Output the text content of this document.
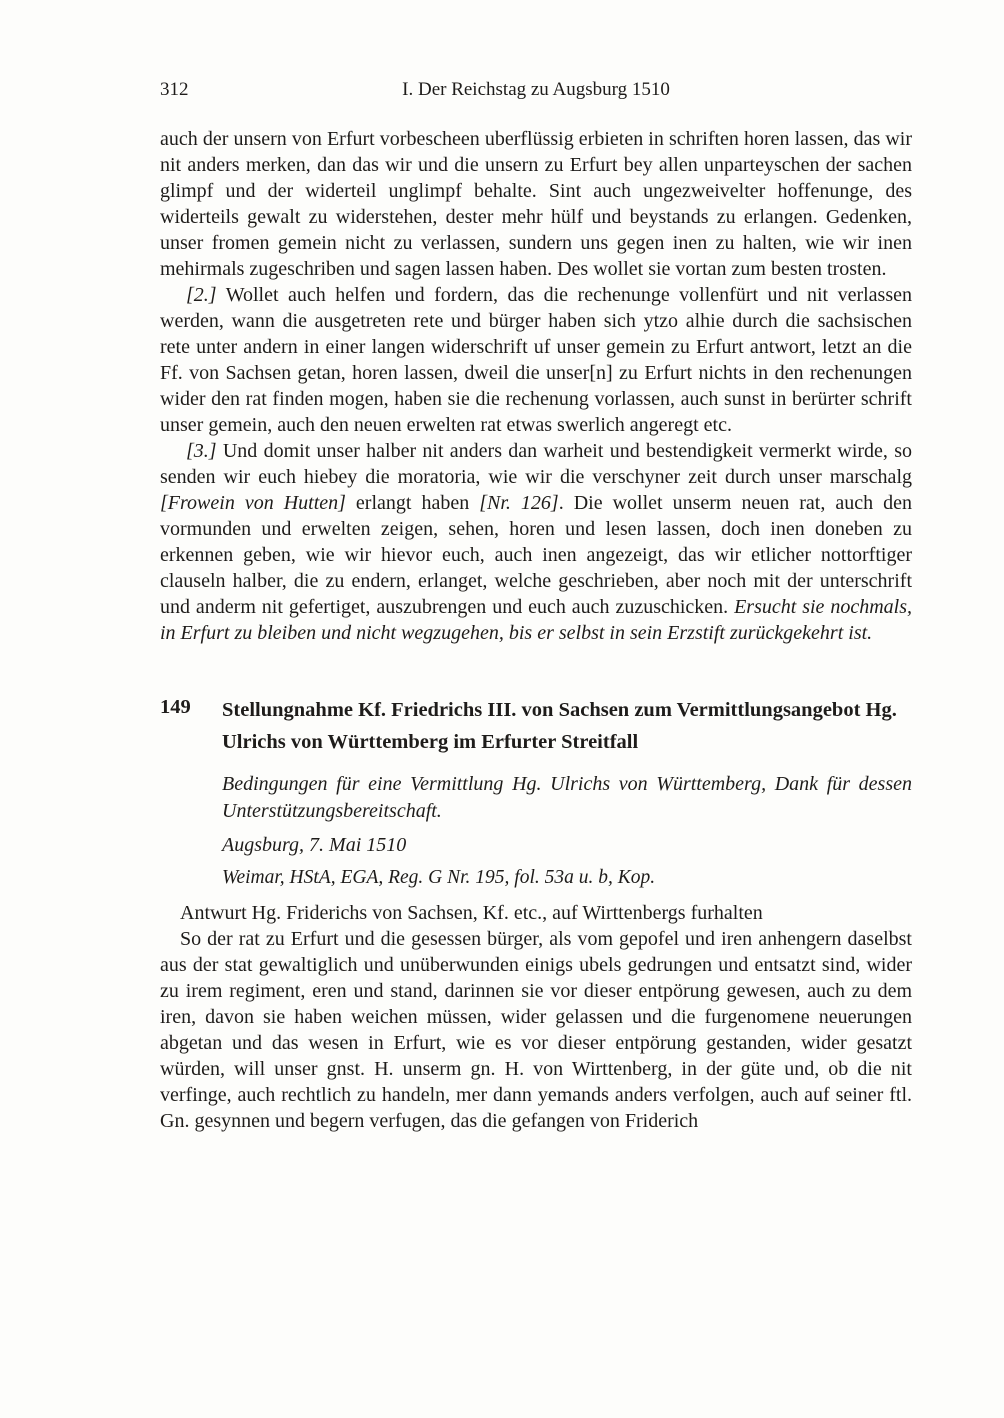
312	I. Der Reichstag zu Augsburg 1510

auch der unsern von Erfurt vorbescheen uberflüssig erbieten in schriften horen lassen, das wir nit anders merken, dan das wir und die unsern zu Erfurt bey allen unparteyschen der sachen glimpf und der widerteil unglimpf behalte. Sint auch ungezweivelter hoffenunge, des widerteils gewalt zu widerstehen, dester mehr hülf und beystands zu erlangen. Gedenken, unser fromen gemein nicht zu verlassen, sundern uns gegen inen zu halten, wie wir inen mehirmals zugeschriben und sagen lassen haben. Des wollet sie vortan zum besten trosten.

[2.] Wollet auch helfen und fordern, das die rechenunge vollenfürt und nit verlassen werden, wann die ausgetreten rete und bürger haben sich ytzo alhie durch die sachsischen rete unter andern in einer langen widerschrift uf unser gemein zu Erfurt antwort, letzt an die Ff. von Sachsen getan, horen lassen, dweil die unser[n] zu Erfurt nichts in den rechenungen wider den rat finden mogen, haben sie die rechenung vorlassen, auch sunst in berürter schrift unser gemein, auch den neuen erwelten rat etwas swerlich angeregt etc.

[3.] Und domit unser halber nit anders dan warheit und bestendigkeit vermerkt wirde, so senden wir euch hiebey die moratoria, wie wir die verschyner zeit durch unser marschalg [Frowein von Hutten] erlangt haben [Nr. 126]. Die wollet unserm neuen rat, auch den vormunden und erwelten zeigen, sehen, horen und lesen lassen, doch inen doneben zu erkennen geben, wie wir hievor euch, auch inen angezeigt, das wir etlicher nottorftiger clauseln halber, die zu endern, erlanget, welche geschrieben, aber noch mit der unterschrift und anderm nit gefertiget, auszubrengen und euch auch zuzuschicken. Ersucht sie nochmals, in Erfurt zu bleiben und nicht wegzugehen, bis er selbst in sein Erzstift zurückgekehrt ist.

149 Stellungnahme Kf. Friedrichs III. von Sachsen zum Vermittlungsangebot Hg. Ulrichs von Württemberg im Erfurter Streitfall

Bedingungen für eine Vermittlung Hg. Ulrichs von Württemberg, Dank für dessen Unterstützungsbereitschaft.

Augsburg, 7. Mai 1510

Weimar, HStA, EGA, Reg. G Nr. 195, fol. 53a u. b, Kop.

Antwurt Hg. Friderichs von Sachsen, Kf. etc., auf Wirttenbergs furhalten

So der rat zu Erfurt und die gesessen bürger, als vom gepofel und iren anhengern daselbst aus der stat gewaltiglich und unüberwunden einigs ubels gedrungen und entsatzt sind, wider zu irem regiment, eren und stand, darinnen sie vor dieser entpörung gewesen, auch zu dem iren, davon sie haben weichen müssen, wider gelassen und die furgenomene neuerungen abgetan und das wesen in Erfurt, wie es vor dieser entpörung gestanden, wider gesatzt würden, will unser gnst. H. unserm gn. H. von Wirttenberg, in der güte und, ob die nit verfinge, auch rechtlich zu handeln, mer dann yemands anders verfolgen, auch auf seiner ftl. Gn. gesynnen und begern verfugen, das die gefangen von Friderich
